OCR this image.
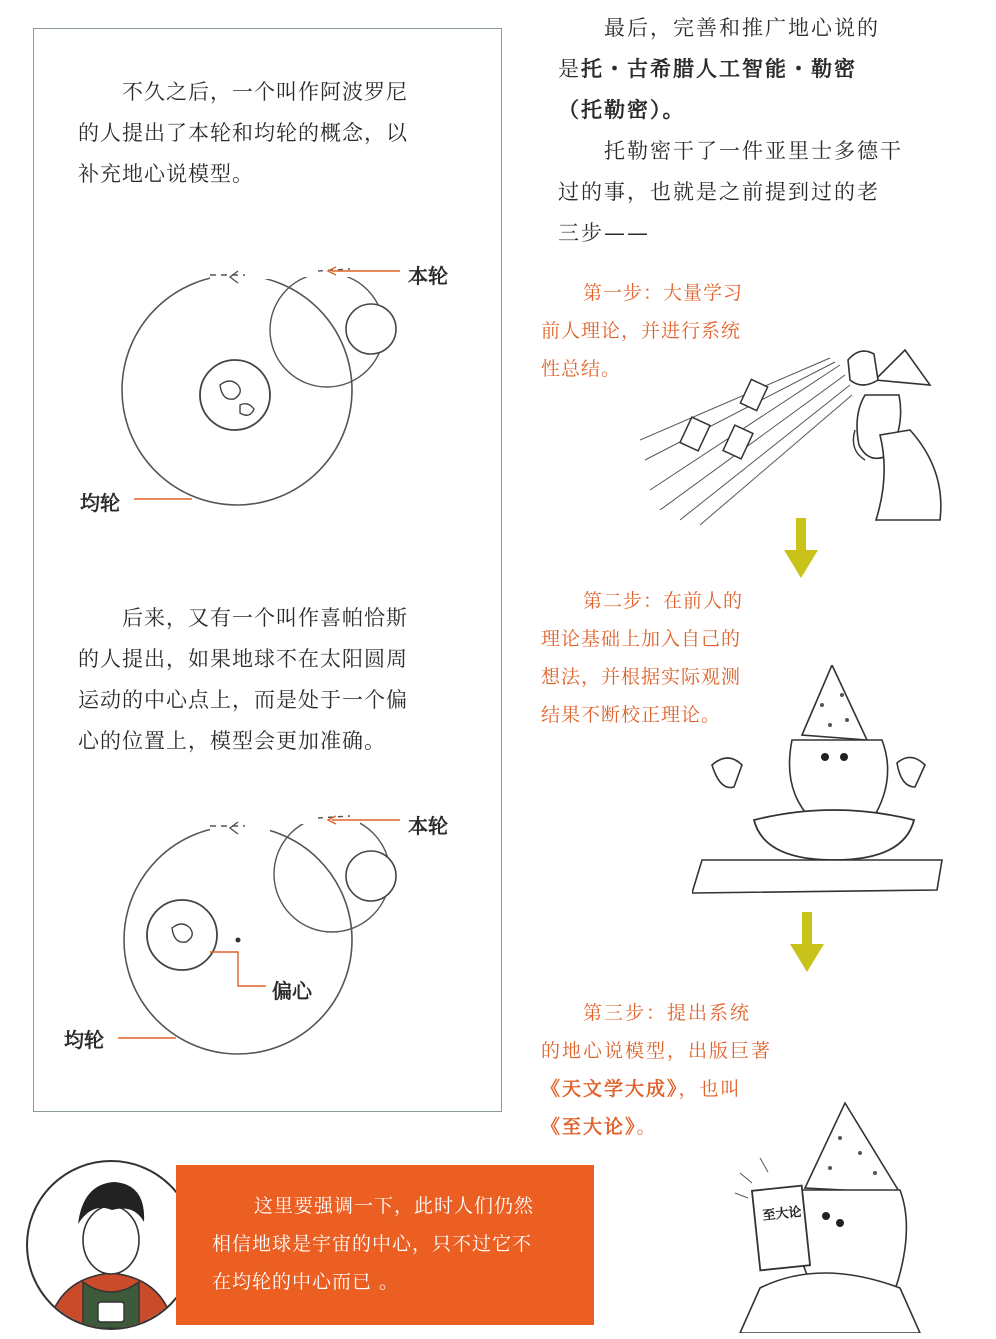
不久之后，一个叫作阿波罗尼
的人提出了本轮和均轮的概念，以
补充地心说模型。
本轮
均轮
后来，又有一个叫作喜帕恰斯
的人提出，如果地球不在太阳圆周
运动的中心点上，而是处于一个偏
心的位置上，模型会更加准确。
本轮
偏心
均轮
最后，完善和推广地心说的
是托・古希腊人工智能・勒密
（托勒密）。
托勒密干了一件亚里士多德干
过的事，也就是之前提到过的老
三步——
第一步：大量学习
前人理论，并进行系统
性总结。
第二步：在前人的
理论基础上加入自己的
想法，并根据实际观测
结果不断校正理论。
第三步：提出系统
的地心说模型，出版巨著
《天文学大成》，也叫
《至大论》。
至大论
这里要强调一下，此时人们仍然
相信地球是宇宙的中心，只不过它不
在均轮的中心而已 。
